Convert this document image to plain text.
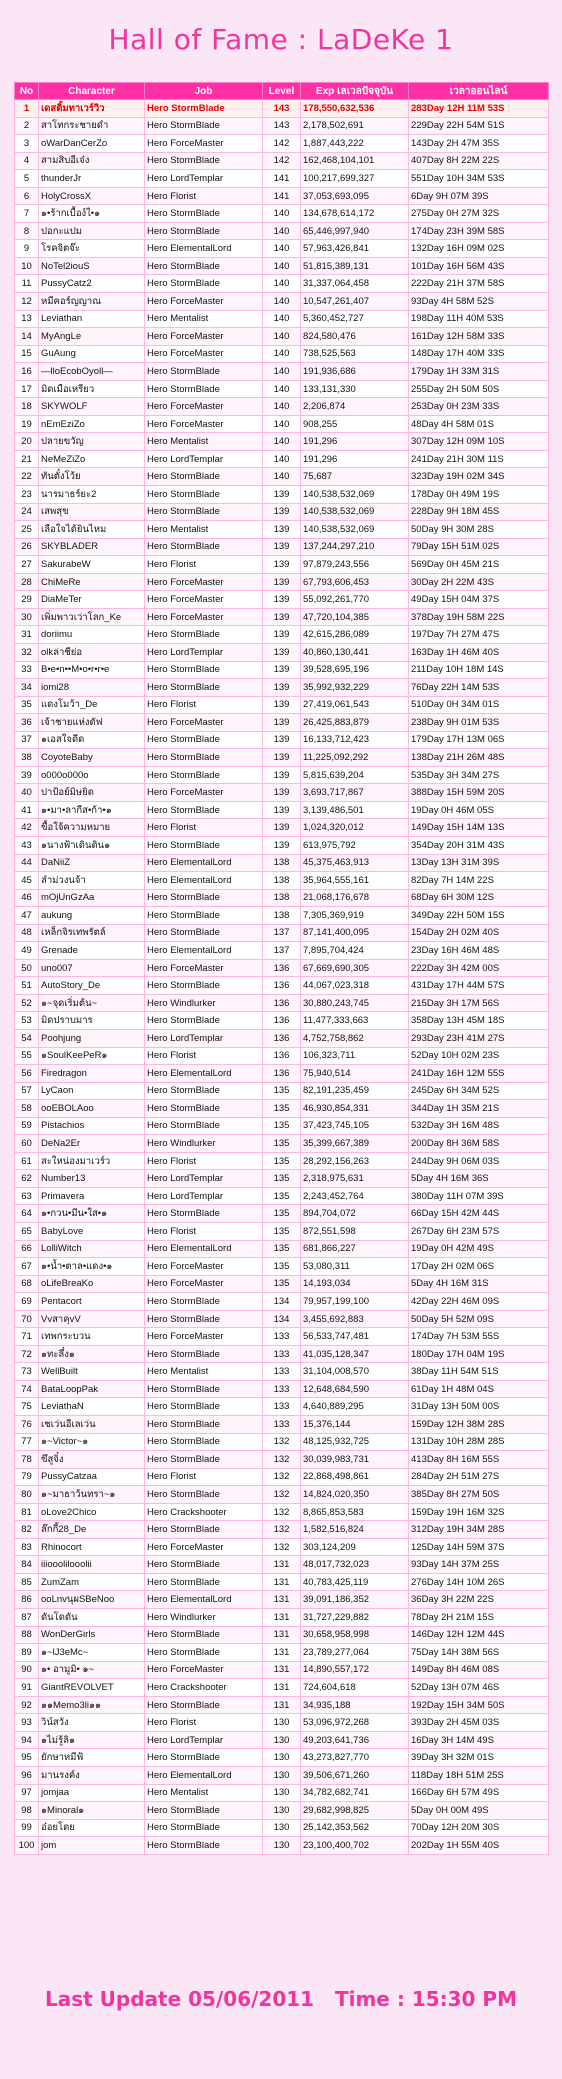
Hall of Fame : LaDeKe 1
No	Character	Job	Level	Exp เลเวลปัจจุบัน	เวลาออนไลน์
1	เดสติ้มทาเวร์วิว	Hero StormBlade	143	178,550,632,536	283Day 12H 11M 53S
2	สาโทกระชายดำ	Hero StormBlade	143	2,178,502,691	229Day 22H 54M 51S
3	oWarDanCerZo	Hero ForceMaster	142	1,887,443,222	143Day 2H 47M 35S
4	สามสิบอีเจ๋ง	Hero StormBlade	142	162,468,104,101	407Day 8H 22M 22S
5	thunderJr	Hero LordTemplar	141	100,217,699,327	551Day 10H 34M 53S
6	HolyCrossX	Hero Florist	141	37,053,693,095	6Day 9H 07M 39S
7	๑•ร้ากเบื้อง์ใ•๑	Hero StormBlade	140	134,678,614,172	275Day 0H 27M 32S
8	ปอกะแปม	Hero StormBlade	140	65,446,997,940	174Day 23H 39M 58S
9	โรคจิตจ๊ะ	Hero ElementalLord	140	57,963,426,841	132Day 16H 09M 02S
10	NoTel2iouS	Hero StormBlade	140	51,815,389,131	101Day 16H 56M 43S
11	PussyCatz2	Hero StormBlade	140	31,337,064,458	222Day 21H 37M 58S
12	หมีคอร์ญญาณ	Hero ForceMaster	140	10,547,261,407	93Day 4H 58M 52S
13	Leviathan	Hero Mentalist	140	5,360,452,727	198Day 11H 40M 53S
14	MyAngLe	Hero ForceMaster	140	824,580,476	161Day 12H 58M 33S
15	GuAung	Hero ForceMaster	140	738,525,563	148Day 17H 40M 33S
16	—lloEcobOyoll—	Hero StormBlade	140	191,936,686	179Day 1H 33M 31S
17	มิดเมือเหรียว	Hero StormBlade	140	133,131,330	255Day 2H 50M 50S
18	SKYWOLF	Hero ForceMaster	140	2,206,874	253Day 0H 23M 33S
19	nEmEziZo	Hero ForceMaster	140	908,255	48Day 4H 58M 01S
20	ปลายขวัญ	Hero Mentalist	140	191,296	307Day 12H 09M 10S
21	NeMeZiZo	Hero LordTemplar	140	191,296	241Day 21H 30M 11S
22	ทันตั๋งโว้ย	Hero StormBlade	140	75,687	323Day 19H 02M 34S
23	นารมาธร์ยะ2	Hero StormBlade	139	140,538,532,069	178Day 0H 49M 19S
24	เสพสุข	Hero StormBlade	139	140,538,532,069	228Day 9H 18M 45S
25	เลือใจได้ยินไหม	Hero Mentalist	139	140,538,532,069	50Day 9H 30M 28S
26	SKYBLADER	Hero StormBlade	139	137,244,297,210	79Day 15H 51M 02S
27	SakurabeW	Hero Florist	139	97,879,243,556	569Day 0H 45M 21S
28	ChiMeRe	Hero ForceMaster	139	67,793,606,453	30Day 2H 22M 43S
29	DiaMeTer	Hero ForceMaster	139	55,092,261,770	49Day 15H 04M 37S
30	เพิ่มพาวเว่าโลก_Ke	Hero ForceMaster	139	47,720,104,385	378Day 19H 58M 22S
31	doriimu	Hero StormBlade	139	42,615,286,089	197Day 7H 27M 47S
32	olkล่าชีย่อ	Hero LordTemplar	139	40,860,130,441	163Day 1H 46M 40S
33	B•e•n••M•o•r•r•e	Hero StormBlade	139	39,528,695,196	211Day 10H 18M 14S
34	iomi28	Hero StormBlade	139	35,992,932,229	76Day 22H 14M 53S
35	แดงโมว้า_De	Hero Florist	139	27,419,061,543	510Day 0H 34M 01S
36	เจ้าชายแห่งดัฟ	Hero ForceMaster	139	26,425,883,879	238Day 9H 01M 53S
37	๑เอสใจดีด	Hero StormBlade	139	16,133,712,423	179Day 17H 13M 06S
38	CoyoteBaby	Hero StormBlade	139	11,225,092,292	138Day 21H 26M 48S
39	o000o000o	Hero StormBlade	139	5,815,639,204	535Day 3H 34M 27S
40	ปาป้อย์มิษยิด	Hero ForceMaster	139	3,693,717,867	388Day 15H 59M 20S
41	๑•มา•ลากีส•ก้า•๑	Hero StormBlade	139	3,139,486,501	19Day 0H 46M 05S
42	ขื้อใจ้ความหมาย	Hero Florist	139	1,024,320,012	149Day 15H 14M 13S
43	๑นางฟ้าเดินดิน๑	Hero StormBlade	139	613,975,792	354Day 20H 31M 43S
44	DaNiiZ	Hero ElementalLord	138	45,375,463,913	13Day 13H 31M 39S
45	ลำม่วงนจ้า	Hero ElementalLord	138	35,964,555,161	82Day 7H 14M 22S
46	mOjUnGzAa	Hero StormBlade	138	21,068,176,678	68Day 6H 30M 12S
47	aukung	Hero StormBlade	138	7,305,369,919	349Day 22H 50M 15S
48	เหล็กจิรเทพรัตล์	Hero StormBlade	137	87,141,400,095	154Day 2H 02M 40S
49	Grenade	Hero ElementalLord	137	7,895,704,424	23Day 16H 46M 48S
50	uno007	Hero ForceMaster	136	67,669,690,305	222Day 3H 42M 00S
51	AutoStory_De	Hero StormBlade	136	44,067,023,318	431Day 17H 44M 57S
52	๑~จุดเริ่มต้น~	Hero Windlurker	136	30,880,243,745	215Day 3H 17M 56S
53	มิดปราบมาร	Hero StormBlade	136	11,477,333,663	358Day 13H 45M 18S
54	Poohjung	Hero LordTemplar	136	4,752,758,862	293Day 23H 41M 27S
55	๑SoulKeePeR๑	Hero Florist	136	106,323,711	52Day 10H 02M 23S
56	Firedragon	Hero ElementalLord	136	75,940,514	241Day 16H 12M 55S
57	LyCaon	Hero StormBlade	135	82,191,235,459	245Day 6H 34M 52S
58	ooEBOLAoo	Hero StormBlade	135	46,930,854,331	344Day 1H 35M 21S
59	Pistachios	Hero StormBlade	135	37,423,745,105	532Day 3H 16M 48S
60	DeNa2Er	Hero Windlurker	135	35,399,667,389	200Day 8H 36M 58S
61	สะใหน่องมาเวร์ว	Hero Florist	135	28,292,156,263	244Day 9H 06M 03S
62	Number13	Hero LordTemplar	135	2,318,975,631	5Day 4H 16M 36S
63	Primavera	Hero LordTemplar	135	2,243,452,764	380Day 11H 07M 39S
64	๑•กวน•มีน•ใส•๑	Hero StormBlade	135	894,704,072	66Day 15H 42M 44S
65	BabyLove	Hero Florist	135	872,551,598	267Day 6H 23M 57S
66	LolliWitch	Hero ElementalLord	135	681,866,227	19Day 0H 42M 49S
67	๑•น้ำ•ตาล•แดง•๑	Hero ForceMaster	135	53,080,311	17Day 2H 02M 06S
68	oLifeBreaKo	Hero ForceMaster	135	14,193,034	5Day 4H 16M 31S
69	Pentacort	Hero StormBlade	134	79,957,199,100	42Day 22H 46M 09S
70	VvสาคุvV	Hero StormBlade	134	3,455,692,883	50Day 5H 52M 09S
71	เทพกระบวน	Hero ForceMaster	133	56,533,747,481	174Day 7H 53M 55S
72	๑ทะลึ๋ง๑	Hero StormBlade	133	41,035,128,347	180Day 17H 04M 19S
73	WellBuilt	Hero Mentalist	133	31,104,008,570	38Day 11H 54M 51S
74	BataLoopPak	Hero StormBlade	133	12,648,684,590	61Day 1H 48M 04S
75	LeviathaN	Hero StormBlade	133	4,640,889,295	31Day 13H 50M 00S
76	เชเว่นอีเลเว่น	Hero StormBlade	133	15,376,144	159Day 12H 38M 28S
77	๑~Victor~๑	Hero StormBlade	132	48,125,932,725	131Day 10H 28M 28S
78	ขึสูจิ๋ง	Hero StormBlade	132	30,039,983,731	413Day 8H 16M 55S
79	PussyCatzaa	Hero Florist	132	22,868,498,861	284Day 2H 51M 27S
80	๑~มาธาว้นทรา~๑	Hero StormBlade	132	14,824,020,350	385Day 8H 27M 50S
81	oLove2Chico	Hero Crackshooter	132	8,865,853,583	159Day 19H 16M 32S
82	ล๊กกี้28_De	Hero StormBlade	132	1,582,516,824	312Day 19H 34M 28S
83	Rhinocort	Hero ForceMaster	132	303,124,209	125Day 14H 59M 37S
84	iiiooolilooolii	Hero StormBlade	131	48,017,732,023	93Day 14H 37M 25S
85	ZumZam	Hero StormBlade	131	40,783,425,119	276Day 14H 10M 26S
86	ooLnvนุผSBeNoo	Hero ElementalLord	131	39,091,186,352	36Day 3H 22M 22S
87	ดันโดดัน	Hero Windlurker	131	31,727,229,882	78Day 2H 21M 15S
88	WonDerGirls	Hero StormBlade	131	30,658,958,998	146Day 12H 12M 44S
89	๑~lJ3eMc~	Hero StormBlade	131	23,789,277,064	75Day 14H 38M 56S
90	๑• อามูมิ• ๑~	Hero ForceMaster	131	14,890,557,172	149Day 8H 46M 08S
91	GiantREVOLVET	Hero Crackshooter	131	724,604,618	52Day 13H 07M 46S
92	๑๑Memo3li๑๑	Hero StormBlade	131	34,935,188	192Day 15H 34M 50S
93	วิน์สวัง	Hero Florist	130	53,096,972,268	393Day 2H 45M 03S
94	๑ไม่รู้ลิ๑	Hero LordTemplar	130	49,203,641,736	16Day 3H 14M 49S
95	ยักษาหมีฟ้	Hero StormBlade	130	43,273,827,770	39Day 3H 32M 01S
96	มานรงค์ง	Hero ElementalLord	130	39,506,671,260	118Day 18H 51M 25S
97	jomjaa	Hero Mentalist	130	34,782,682,741	166Day 6H 57M 49S
98	๑Minoral๑	Hero StormBlade	130	29,682,998,825	5Day 0H 00M 49S
99	อ๋อยโดย	Hero StormBlade	130	25,142,353,562	70Day 12H 20M 30S
100	jom	Hero StormBlade	130	23,100,400,702	202Day 1H 55M 40S
Last Update 05/06/2011 Time : 15:30 PM
